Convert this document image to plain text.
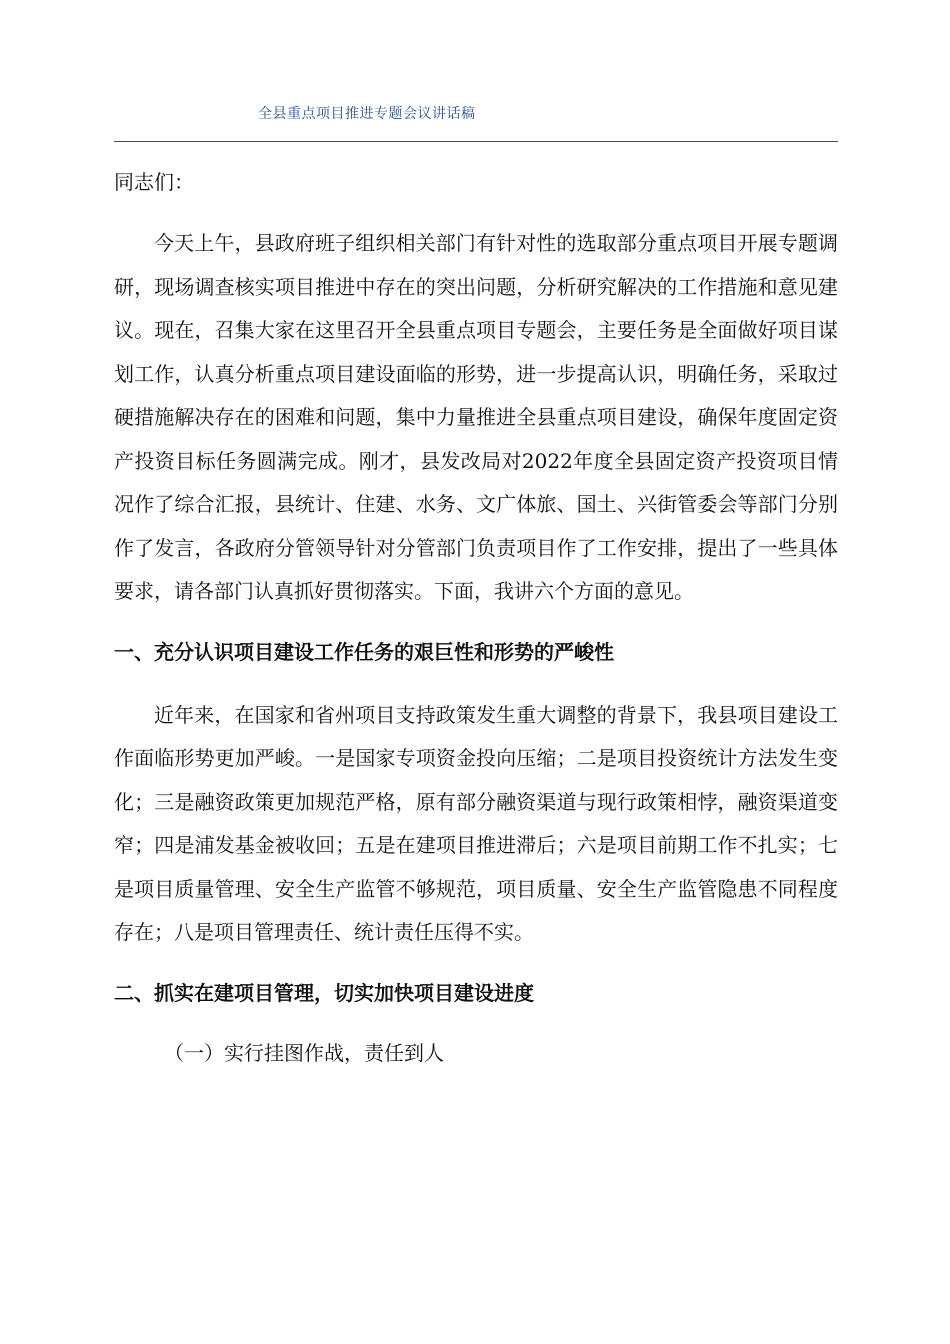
全县重点项目推进专题会议讲话稿

同志们：

今天上午，县政府班子组织相关部门有针对性的选取部分重点项目开展专题调研，现场调查核实项目推进中存在的突出问题，分析研究解决的工作措施和意见建议。现在，召集大家在这里召开全县重点项目专题会，主要任务是全面做好项目谋划工作，认真分析重点项目建设面临的形势，进一步提高认识，明确任务，采取过硬措施解决存在的困难和问题，集中力量推进全县重点项目建设，确保年度固定资产投资目标任务圆满完成。刚才，县发改局对2022年度全县固定资产投资项目情况作了综合汇报，县统计、住建、水务、文广体旅、国土、兴街管委会等部门分别作了发言，各政府分管领导针对分管部门负责项目作了工作安排，提出了一些具体要求，请各部门认真抓好贯彻落实。下面，我讲六个方面的意见。

一、充分认识项目建设工作任务的艰巨性和形势的严峻性

近年来，在国家和省州项目支持政策发生重大调整的背景下，我县项目建设工作面临形势更加严峻。一是国家专项资金投向压缩；二是项目投资统计方法发生变化；三是融资政策更加规范严格，原有部分融资渠道与现行政策相悖，融资渠道变窄；四是浦发基金被收回；五是在建项目推进滞后；六是项目前期工作不扎实；七是项目质量管理、安全生产监管不够规范，项目质量、安全生产监管隐患不同程度存在；八是项目管理责任、统计责任压得不实。

二、抓实在建项目管理，切实加快项目建设进度

（一）实行挂图作战，责任到人
